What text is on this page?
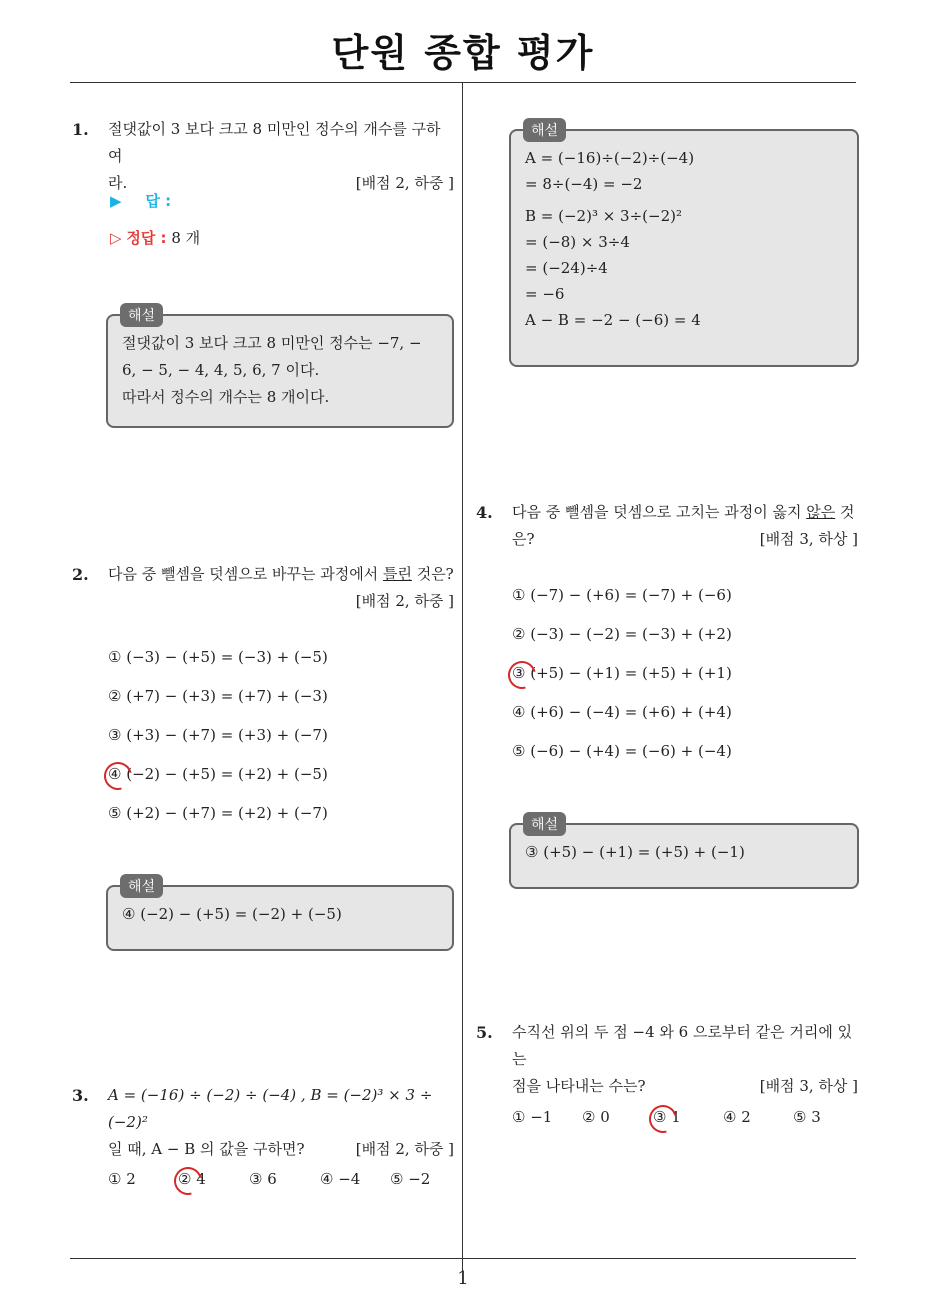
단원 종합 평가
1
1. 절댓값이 3 보다 크고 8 미만인 정수의 개수를 구하여

라.	[배점 2, 하중 ]
▶ 답 :
▷ 정답 : 8 개
해설
절댓값이 3 보다 크고 8 미만인 정수는 −7, −
6, − 5, − 4, 4, 5, 6, 7 이다.
따라서 정수의 개수는 8 개이다.
2. 다음 중 뺄셈을 덧셈으로 바꾸는 과정에서 틀린 것은?
[배점 2, 하중 ]
① (−3) − (+5) = (−3) + (−5)
② (+7) − (+3) = (+7) + (−3)
③ (+3) − (+7) = (+3) + (−7)
④ (−2) − (+5) = (+2) + (−5)
⑤ (+2) − (+7) = (+2) + (−7)
해설
④ (−2) − (+5) = (−2) + (−5)
3. A = (−16) ÷ (−2) ÷ (−4) , B = (−2)³ × 3 ÷ (−2)²

일 때, A − B 의 값을 구하면?	[배점 2, 하중 ]
① 2	② 4	③ 6	④ −4 ⑤ −2
해설
A = (−16)÷(−2)÷(−4)
= 8÷(−4) = −2
B = (−2)³ × 3÷(−2)²
= (−8) × 3÷4
= (−24)÷4
= −6
A − B = −2 − (−6) = 4
4. 다음 중 뺄셈을 덧셈으로 고치는 과정이 옳지 않은 것

은?	[배점 3, 하상 ]
① (−7) − (+6) = (−7) + (−6)
② (−3) − (−2) = (−3) + (+2)
③ (+5) − (+1) = (+5) + (+1)
④ (+6) − (−4) = (+6) + (+4)
⑤ (−6) − (+4) = (−6) + (−4)
해설
③ (+5) − (+1) = (+5) + (−1)
5. 수직선 위의 두 점 −4 와 6 으로부터 같은 거리에 있는

점을 나타내는 수는?	[배점 3, 하상 ]
① −1 ② 0	③ 1	④ 2	⑤ 3
